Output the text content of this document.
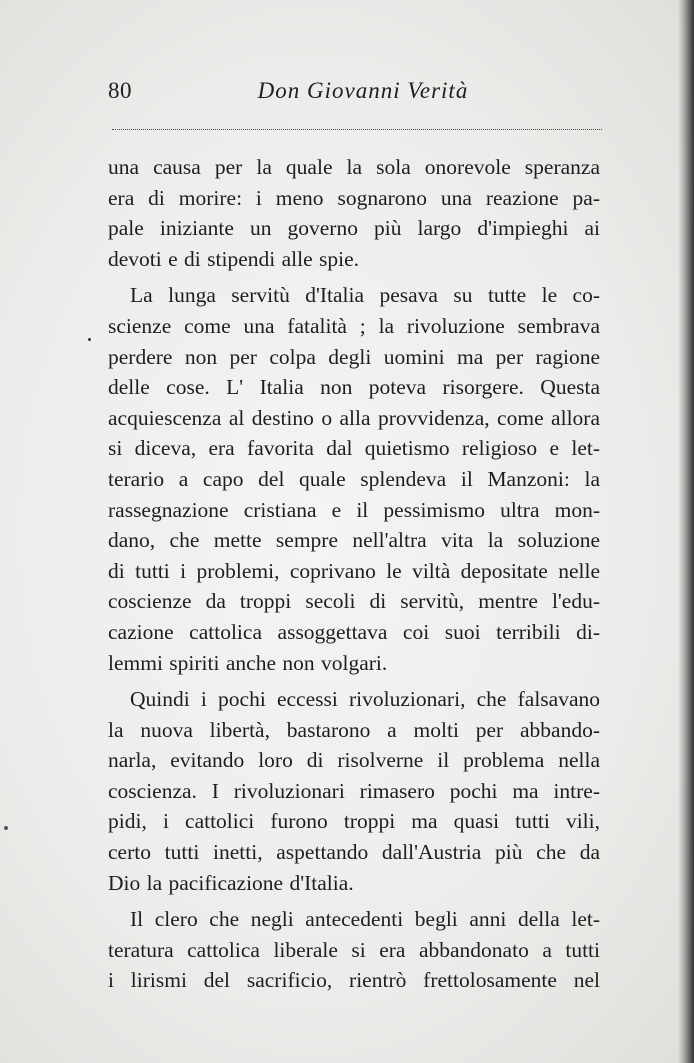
80	Don Giovanni Verità
una causa per la quale la sola onorevole speranza
era di morire: i meno sognarono una reazione pa-
pale iniziante un governo più largo d'impieghi ai
devoti e di stipendi alle spie.
La lunga servitù d'Italia pesava su tutte le co-
scienze come una fatalità ; la rivoluzione sembrava
perdere non per colpa degli uomini ma per ragione
delle cose. L' Italia non poteva risorgere. Questa
acquiescenza al destino o alla provvidenza, come allora
si diceva, era favorita dal quietismo religioso e let-
terario a capo del quale splendeva il Manzoni: la
rassegnazione cristiana e il pessimismo ultra mon-
dano, che mette sempre nell'altra vita la soluzione
di tutti i problemi, coprivano le viltà depositate nelle
coscienze da troppi secoli di servitù, mentre l'edu-
cazione cattolica assoggettava coi suoi terribili di-
lemmi spiriti anche non volgari.
Quindi i pochi eccessi rivoluzionari, che falsavano
la nuova libertà, bastarono a molti per abbando-
narla, evitando loro di risolverne il problema nella
coscienza. I rivoluzionari rimasero pochi ma intre-
pidi, i cattolici furono troppi ma quasi tutti vili,
certo tutti inetti, aspettando dall'Austria più che da
Dio la pacificazione d'Italia.
Il clero che negli antecedenti begli anni della let-
teratura cattolica liberale si era abbandonato a tutti
i lirismi del sacrificio, rientrò frettolosamente nel
